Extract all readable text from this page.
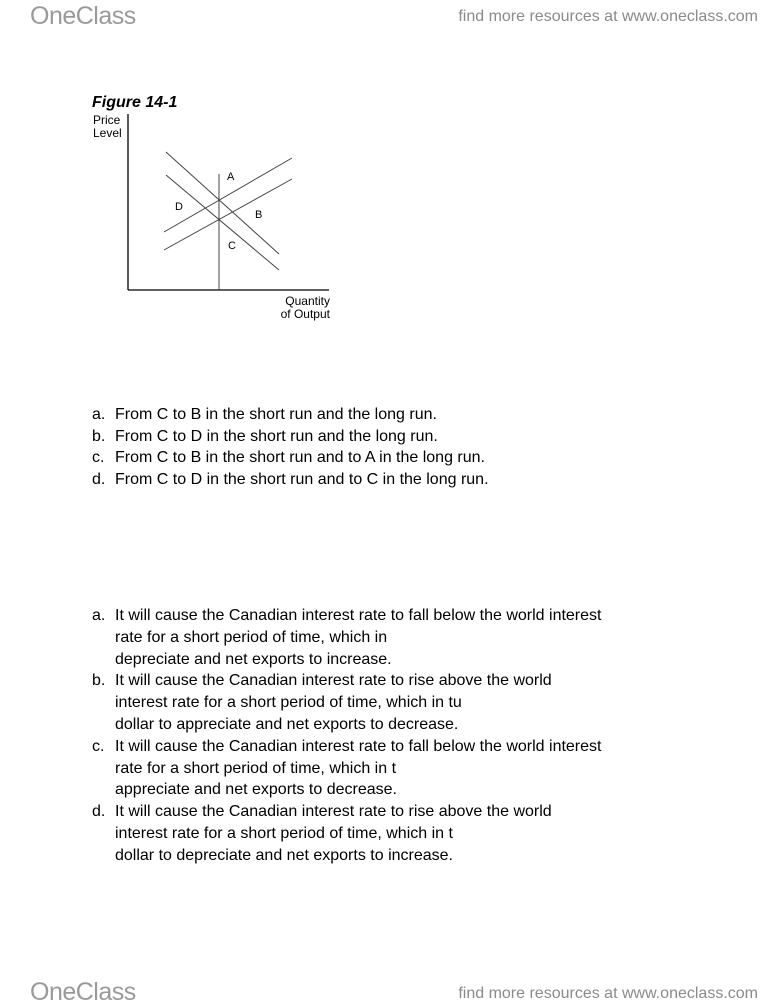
OneClass	find more resources at www.oneclass.com
Figure 14-1
Price
Level
A
D
B
C
Quantity
of Output
a. From C to B in the short run and the long run.
b. From C to D in the short run and the long run.
c. From C to B in the short run and to A in the long run.
d. From C to D in the short run and to C in the long run.
a. It will cause the Canadian interest rate to fall below the world interest
rate for a short period of time, which in
depreciate and net exports to increase.
b. It will cause the Canadian interest rate to rise above the world
interest rate for a short period of time, which in tu
dollar to appreciate and net exports to decrease.
c. It will cause the Canadian interest rate to fall below the world interest
rate for a short period of time, which in t
appreciate and net exports to decrease.
d. It will cause the Canadian interest rate to rise above the world
interest rate for a short period of time, which in t
dollar to depreciate and net exports to increase.
OneClass	find more resources at www.oneclass.com
